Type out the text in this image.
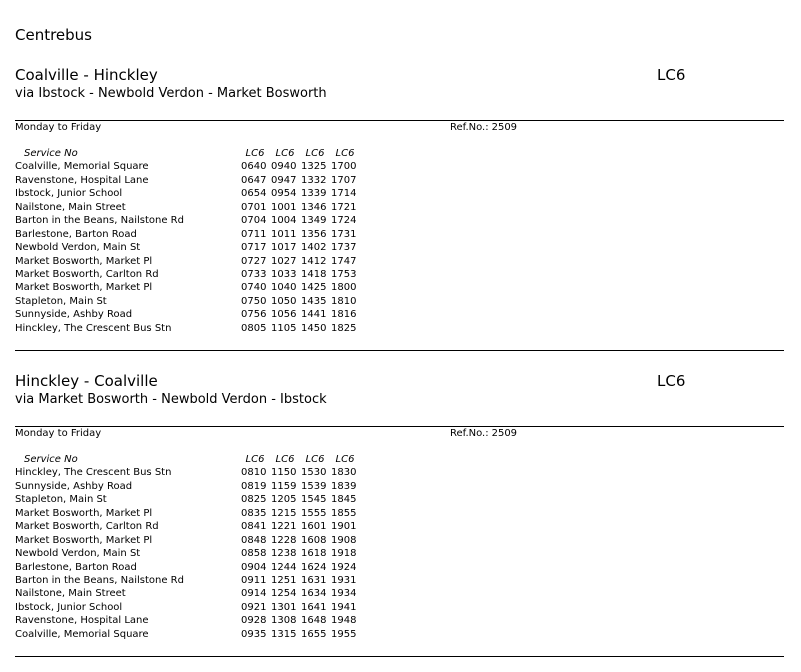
Centrebus
Coalville - Hinckley
via Ibstock - Newbold Verdon - Market Bosworth
LC6
Monday to Friday	Ref.No.: 2509
Service No	LC6 LC6 LC6 LC6
Coalville, Memorial Square	0640 0940 1325 1700
Ravenstone, Hospital Lane	0647 0947 1332 1707
Ibstock, Junior School	0654 0954 1339 1714
Nailstone, Main Street	0701 1001 1346 1721
Barton in the Beans, Nailstone Rd	0704 1004 1349 1724
Barlestone, Barton Road	0711 1011 1356 1731
Newbold Verdon, Main St	0717 1017 1402 1737
Market Bosworth, Market Pl	0727 1027 1412 1747
Market Bosworth, Carlton Rd	0733 1033 1418 1753
Market Bosworth, Market Pl	0740 1040 1425 1800
Stapleton, Main St	0750 1050 1435 1810
Sunnyside, Ashby Road	0756 1056 1441 1816
Hinckley, The Crescent Bus Stn	0805 1105 1450 1825
Hinckley - Coalville
via Market Bosworth - Newbold Verdon - Ibstock
LC6
Monday to Friday	Ref.No.: 2509
Service No	LC6 LC6 LC6 LC6
Hinckley, The Crescent Bus Stn	0810 1150 1530 1830
Sunnyside, Ashby Road	0819 1159 1539 1839
Stapleton, Main St	0825 1205 1545 1845
Market Bosworth, Market Pl	0835 1215 1555 1855
Market Bosworth, Carlton Rd	0841 1221 1601 1901
Market Bosworth, Market Pl	0848 1228 1608 1908
Newbold Verdon, Main St	0858 1238 1618 1918
Barlestone, Barton Road	0904 1244 1624 1924
Barton in the Beans, Nailstone Rd	0911 1251 1631 1931
Nailstone, Main Street	0914 1254 1634 1934
Ibstock, Junior School	0921 1301 1641 1941
Ravenstone, Hospital Lane	0928 1308 1648 1948
Coalville, Memorial Square	0935 1315 1655 1955
